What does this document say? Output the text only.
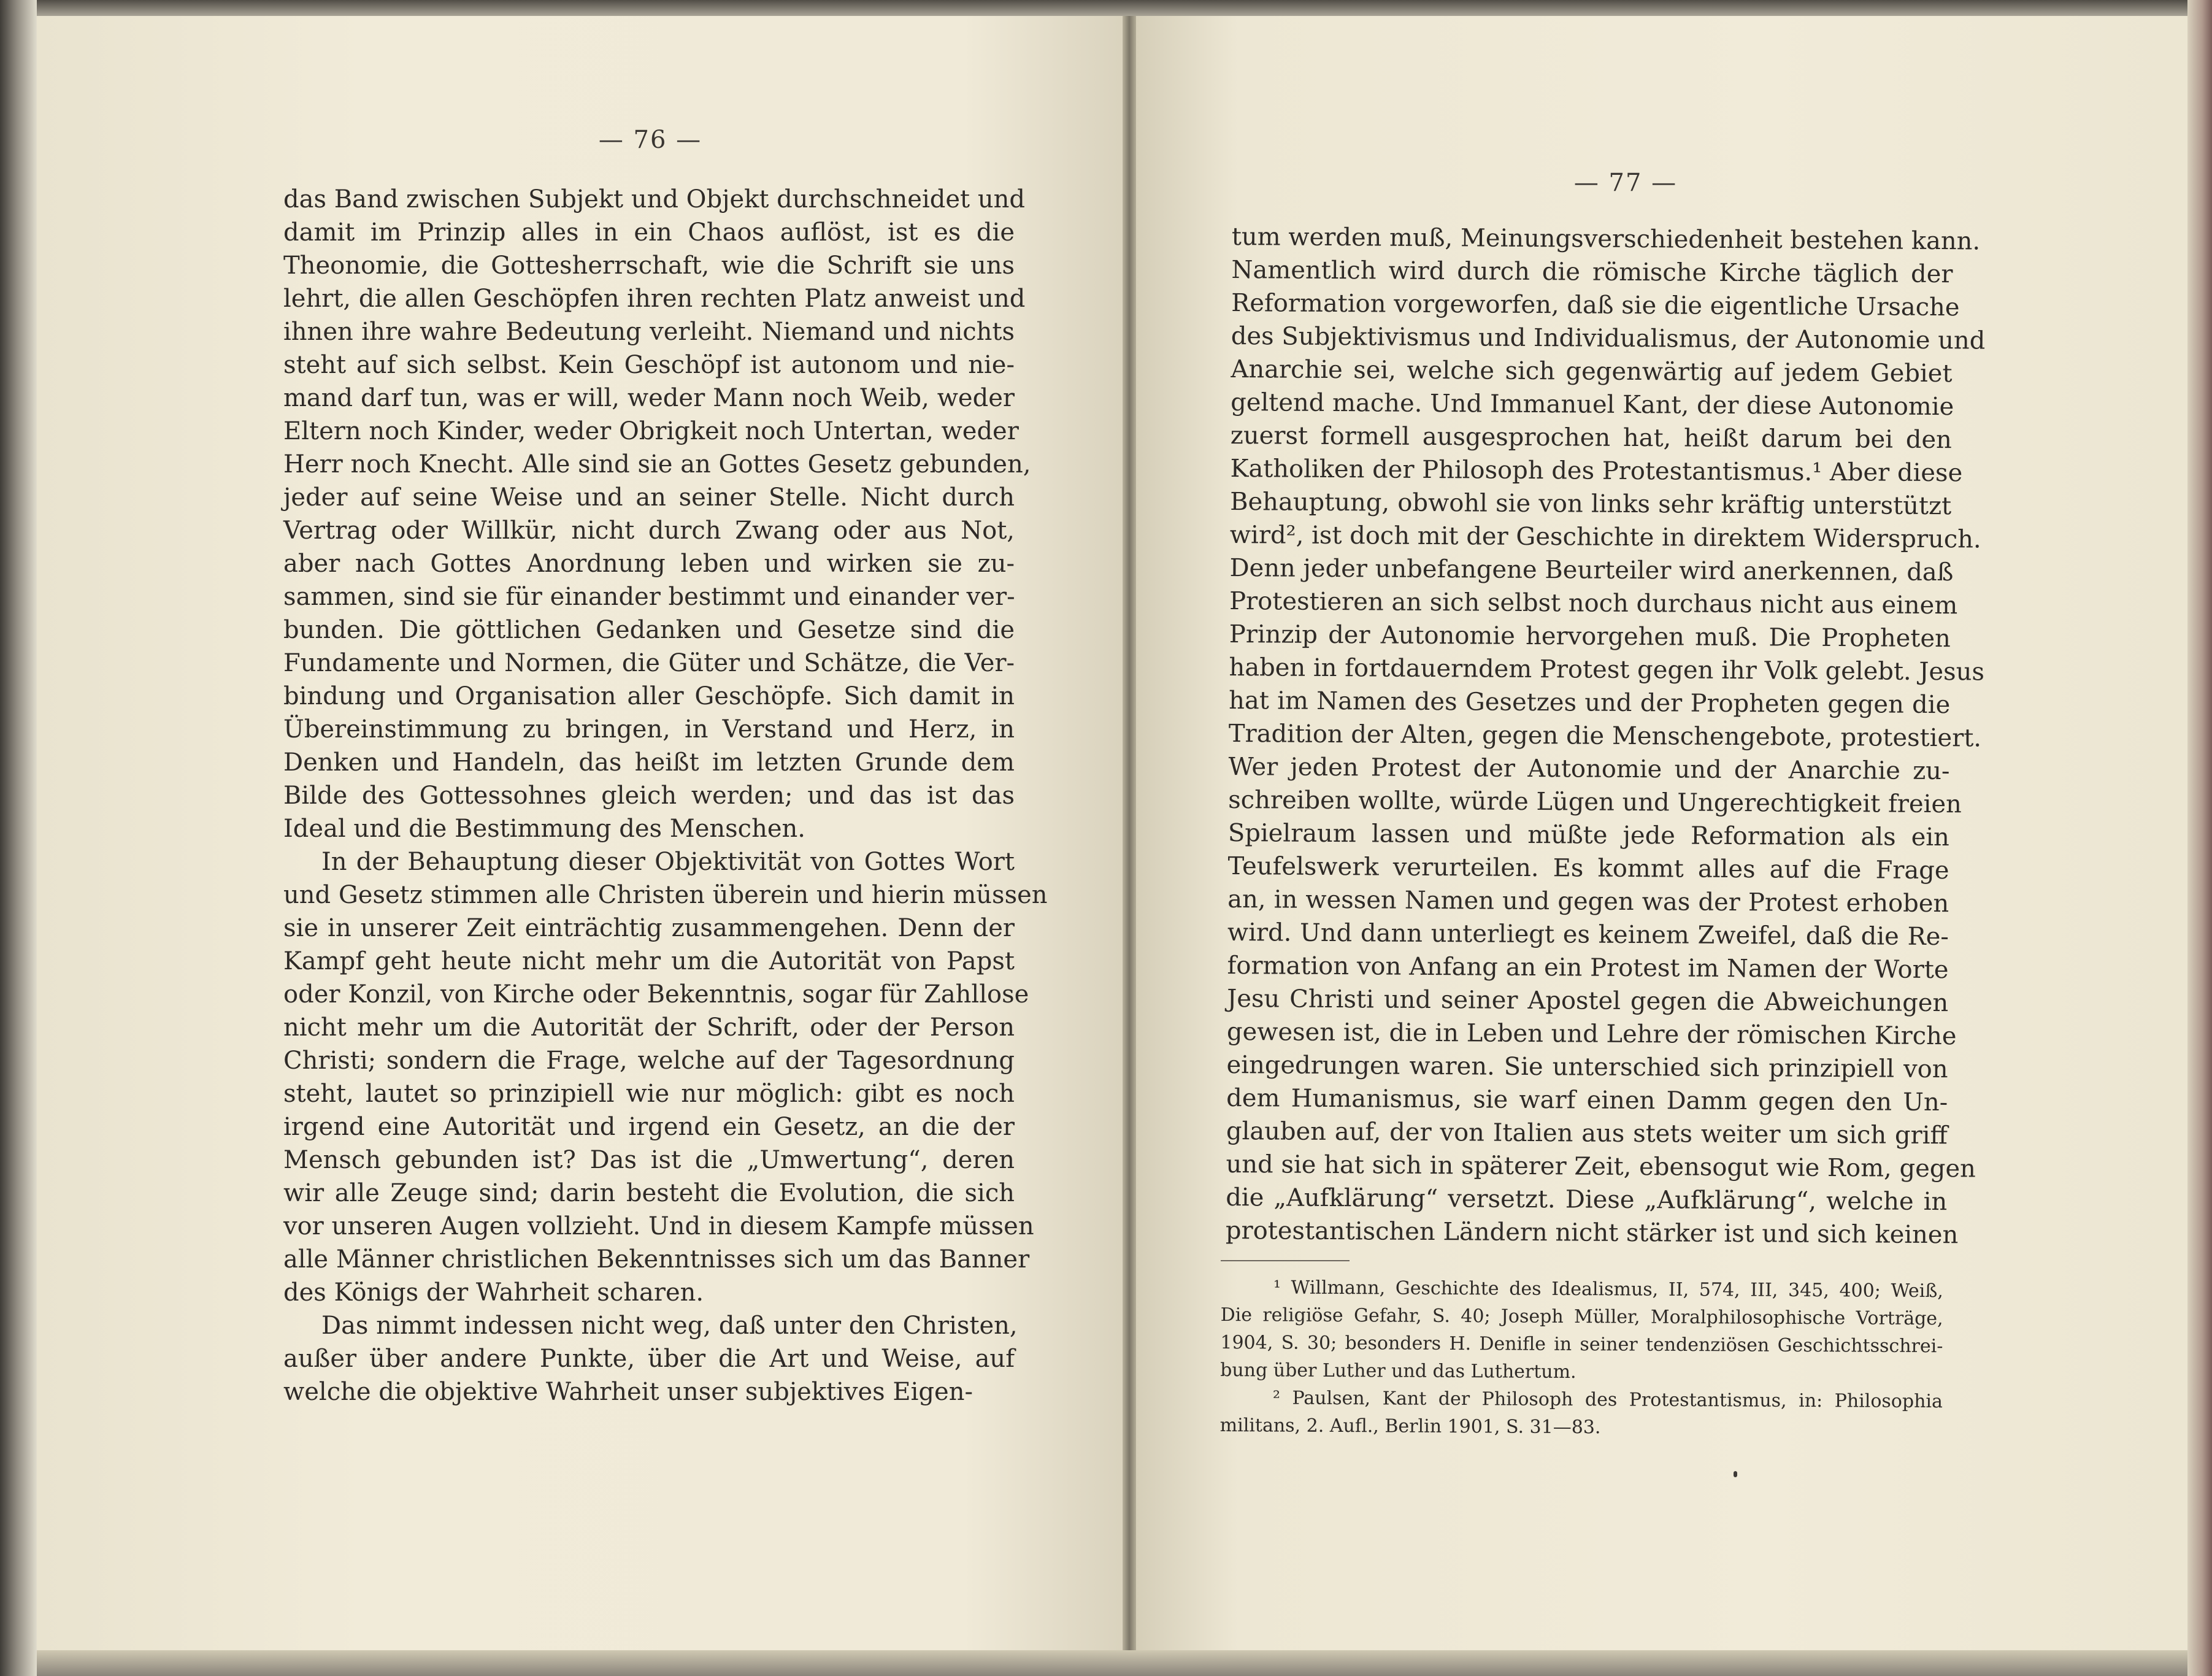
— 76 —
das Band zwischen Subjekt und Objekt durchschneidet und
damit im Prinzip alles in ein Chaos auflöst, ist es die
Theonomie, die Gottesherrschaft, wie die Schrift sie uns
lehrt, die allen Geschöpfen ihren rechten Platz anweist und
ihnen ihre wahre Bedeutung verleiht. Niemand und nichts
steht auf sich selbst. Kein Geschöpf ist autonom und nie-
mand darf tun, was er will, weder Mann noch Weib, weder
Eltern noch Kinder, weder Obrigkeit noch Untertan, weder
Herr noch Knecht. Alle sind sie an Gottes Gesetz gebunden,
jeder auf seine Weise und an seiner Stelle. Nicht durch
Vertrag oder Willkür, nicht durch Zwang oder aus Not,
aber nach Gottes Anordnung leben und wirken sie zu-
sammen, sind sie für einander bestimmt und einander ver-
bunden. Die göttlichen Gedanken und Gesetze sind die
Fundamente und Normen, die Güter und Schätze, die Ver-
bindung und Organisation aller Geschöpfe. Sich damit in
Übereinstimmung zu bringen, in Verstand und Herz, in
Denken und Handeln, das heißt im letzten Grunde dem
Bilde des Gottessohnes gleich werden; und das ist das
Ideal und die Bestimmung des Menschen.
In der Behauptung dieser Objektivität von Gottes Wort
und Gesetz stimmen alle Christen überein und hierin müssen
sie in unserer Zeit einträchtig zusammengehen. Denn der
Kampf geht heute nicht mehr um die Autorität von Papst
oder Konzil, von Kirche oder Bekenntnis, sogar für Zahllose
nicht mehr um die Autorität der Schrift, oder der Person
Christi; sondern die Frage, welche auf der Tagesordnung
steht, lautet so prinzipiell wie nur möglich: gibt es noch
irgend eine Autorität und irgend ein Gesetz, an die der
Mensch gebunden ist? Das ist die „Umwertung“, deren
wir alle Zeuge sind; darin besteht die Evolution, die sich
vor unseren Augen vollzieht. Und in diesem Kampfe müssen
alle Männer christlichen Bekenntnisses sich um das Banner
des Königs der Wahrheit scharen.
Das nimmt indessen nicht weg, daß unter den Christen,
außer über andere Punkte, über die Art und Weise, auf
welche die objektive Wahrheit unser subjektives Eigen-
— 77 —
tum werden muß, Meinungsverschiedenheit bestehen kann.
Namentlich wird durch die römische Kirche täglich der
Reformation vorgeworfen, daß sie die eigentliche Ursache
des Subjektivismus und Individualismus, der Autonomie und
Anarchie sei, welche sich gegenwärtig auf jedem Gebiet
geltend mache. Und Immanuel Kant, der diese Autonomie
zuerst formell ausgesprochen hat, heißt darum bei den
Katholiken der Philosoph des Protestantismus.¹ Aber diese
Behauptung, obwohl sie von links sehr kräftig unterstützt
wird², ist doch mit der Geschichte in direktem Widerspruch.
Denn jeder unbefangene Beurteiler wird anerkennen, daß
Protestieren an sich selbst noch durchaus nicht aus einem
Prinzip der Autonomie hervorgehen muß. Die Propheten
haben in fortdauerndem Protest gegen ihr Volk gelebt. Jesus
hat im Namen des Gesetzes und der Propheten gegen die
Tradition der Alten, gegen die Menschengebote, protestiert.
Wer jeden Protest der Autonomie und der Anarchie zu-
schreiben wollte, würde Lügen und Ungerechtigkeit freien
Spielraum lassen und müßte jede Reformation als ein
Teufelswerk verurteilen. Es kommt alles auf die Frage
an, in wessen Namen und gegen was der Protest erhoben
wird. Und dann unterliegt es keinem Zweifel, daß die Re-
formation von Anfang an ein Protest im Namen der Worte
Jesu Christi und seiner Apostel gegen die Abweichungen
gewesen ist, die in Leben und Lehre der römischen Kirche
eingedrungen waren. Sie unterschied sich prinzipiell von
dem Humanismus, sie warf einen Damm gegen den Un-
glauben auf, der von Italien aus stets weiter um sich griff
und sie hat sich in späterer Zeit, ebensogut wie Rom, gegen
die „Aufklärung“ versetzt. Diese „Aufklärung“, welche in
protestantischen Ländern nicht stärker ist und sich keinen
¹ Willmann, Geschichte des Idealismus, II, 574, III, 345, 400; Weiß,
Die religiöse Gefahr, S. 40; Joseph Müller, Moralphilosophische Vorträge,
1904, S. 30; besonders H. Denifle in seiner tendenziösen Geschichtsschrei-
bung über Luther und das Luthertum.
² Paulsen, Kant der Philosoph des Protestantismus, in: Philosophia
militans, 2. Aufl., Berlin 1901, S. 31—83.
